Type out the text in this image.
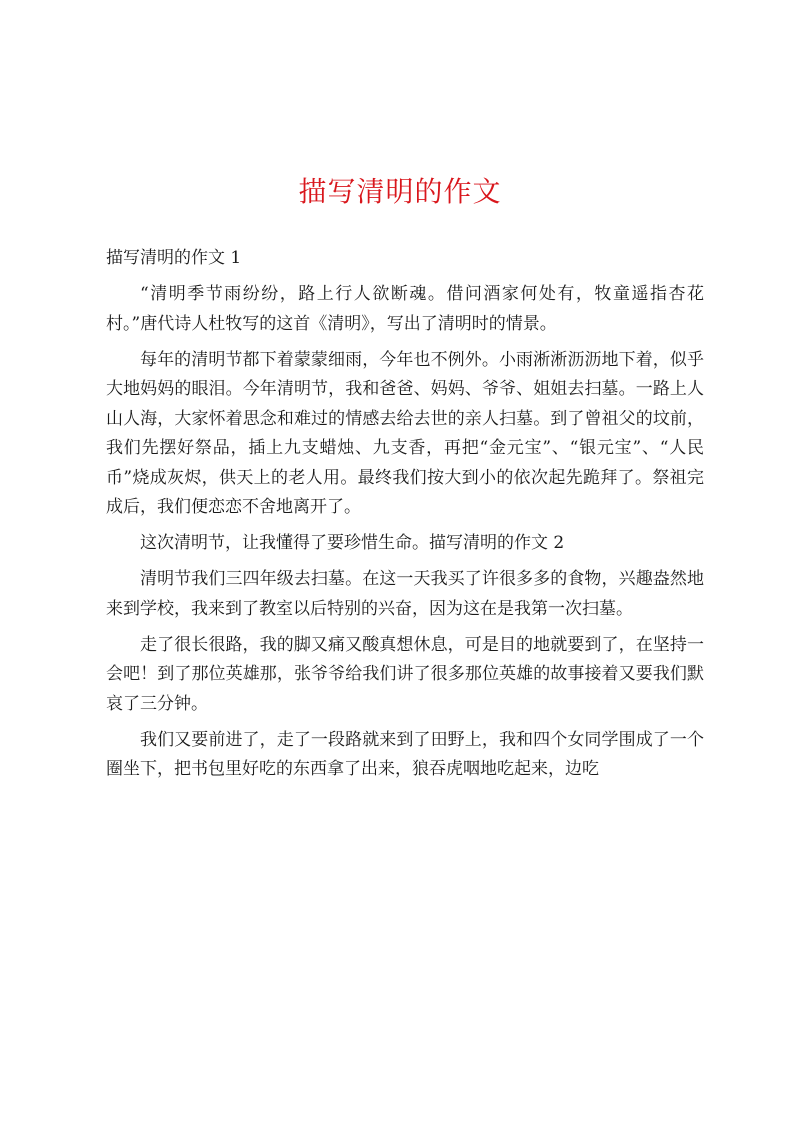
描写清明的作文

描写清明的作文 1

“清明季节雨纷纷，路上行人欲断魂。借问酒家何处有，牧童遥指杏花村。”唐代诗人杜牧写的这首《清明》，写出了清明时的情景。

每年的清明节都下着蒙蒙细雨，今年也不例外。小雨淅淅沥沥地下着，似乎大地妈妈的眼泪。今年清明节，我和爸爸、妈妈、爷爷、姐姐去扫墓。一路上人山人海，大家怀着思念和难过的情感去给去世的亲人扫墓。到了曾祖父的坟前，我们先摆好祭品，插上九支蜡烛、九支香，再把“金元宝”、“银元宝”、“人民币”烧成灰烬，供天上的老人用。最终我们按大到小的依次起先跪拜了。祭祖完成后，我们便恋恋不舍地离开了。

这次清明节，让我懂得了要珍惜生命。描写清明的作文 2

清明节我们三四年级去扫墓。在这一天我买了许很多多的食物，兴趣盎然地来到学校，我来到了教室以后特别的兴奋，因为这在是我第一次扫墓。

走了很长很路，我的脚又痛又酸真想休息，可是目的地就要到了，在坚持一会吧！到了那位英雄那，张爷爷给我们讲了很多那位英雄的故事接着又要我们默哀了三分钟。

我们又要前进了，走了一段路就来到了田野上，我和四个女同学围成了一个圈坐下，把书包里好吃的东西拿了出来，狼吞虎咽地吃起来，边吃
